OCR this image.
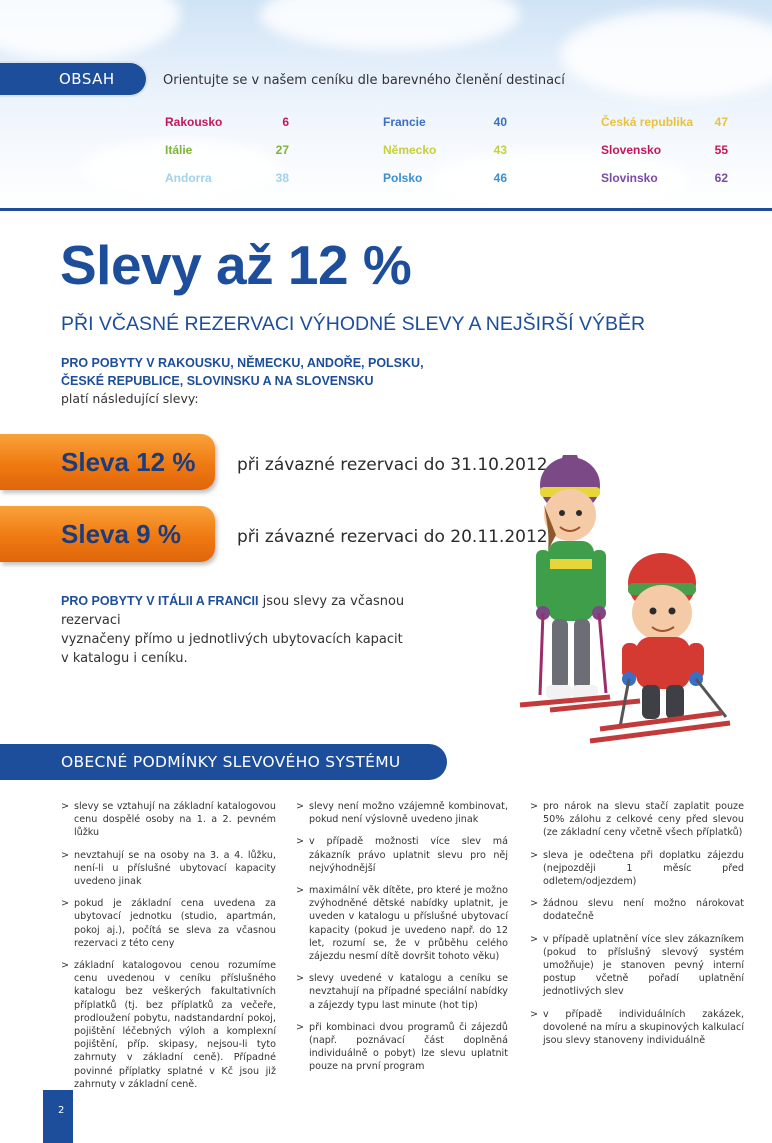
OBSAH	Orientujte se v našem ceníku dle barevného členění destinací
Rakousko	6
Itálie	27
Andorra	38
Francie	40
Německo	43
Polsko	46
Česká republika 47
Slovensko	55
Slovinsko	62
Slevy až 12 %
PŘI VČASNÉ REZERVACI VÝHODNÉ SLEVY A NEJŠIRŠÍ VÝBĚR
PRO POBYTY V RAKOUSKU, NĚMECKU, ANDOŘE, POLSKU,
ČESKÉ REPUBLICE, SLOVINSKU A NA SLOVENSKU
platí následující slevy:
Sleva 12 % při závazné rezervaci do 31.10.2012
Sleva 9 %	při závazné rezervaci do 20.11.2012
PRO POBYTY V ITÁLII A FRANCII jsou slevy za včasnou rezervaci
vyznačeny přímo u jednotlivých ubytovacích kapacit
v katalogu i ceníku.
OBECNÉ PODMÍNKY SLEVOVÉHO SYSTÉMU
> slevy se vztahují na základní katalogovou cenu dospělé osoby na 1. a 2. pevném lůžku
> nevztahují se na osoby na 3. a 4. lůžku, není-li u příslušné ubytovací kapacity uvedeno jinak
> pokud je základní cena uvedena za ubytovací jednotku (studio, apartmán, pokoj aj.), počítá se sleva za včasnou rezervaci z této ceny
> základní katalogovou cenou rozumíme cenu uvedenou v ceníku příslušného katalogu bez veškerých fakultativních příplatků (tj. bez příplatků za večeře, prodloužení pobytu, nadstandardní pokoj, pojištění léčebných výloh a komplexní pojištění, příp. skipasy, nejsou-li tyto zahrnuty v základní ceně). Případné povinné příplatky splatné v Kč jsou již zahrnuty v základní ceně.
> slevy není možno vzájemně kombinovat, pokud není výslovně uvedeno jinak
> v případě možnosti více slev má zákazník právo uplatnit slevu pro něj nejvýhodnější
> maximální věk dítěte, pro které je možno zvýhodněné dětské nabídky uplatnit, je uveden v katalogu u příslušné ubytovací kapacity (pokud je uvedeno např. do 12 let, rozumí se, že v průběhu celého zájezdu nesmí dítě dovršit tohoto věku)
> slevy uvedené v katalogu a ceníku se nevztahují na případné speciální nabídky a zájezdy typu last minute (hot tip)
> při kombinaci dvou programů či zájezdů (např. poznávací část doplněná individuálně o pobyt) lze slevu uplatnit pouze na první program
> pro nárok na slevu stačí zaplatit pouze 50% zálohu z celkové ceny před slevou (ze základní ceny včetně všech příplatků)
> sleva je odečtena při doplatku zájezdu (nejpozději 1 měsíc před odletem/odjezdem)
> žádnou slevu není možno nárokovat dodatečně
> v případě uplatnění více slev zákazníkem (pokud to příslušný slevový systém umožňuje) je stanoven pevný interní postup včetně pořadí uplatnění jednotlivých slev
> v případě individuálních zakázek, dovolené na míru a skupinových kalkulací jsou slevy stanoveny individuálně
2
